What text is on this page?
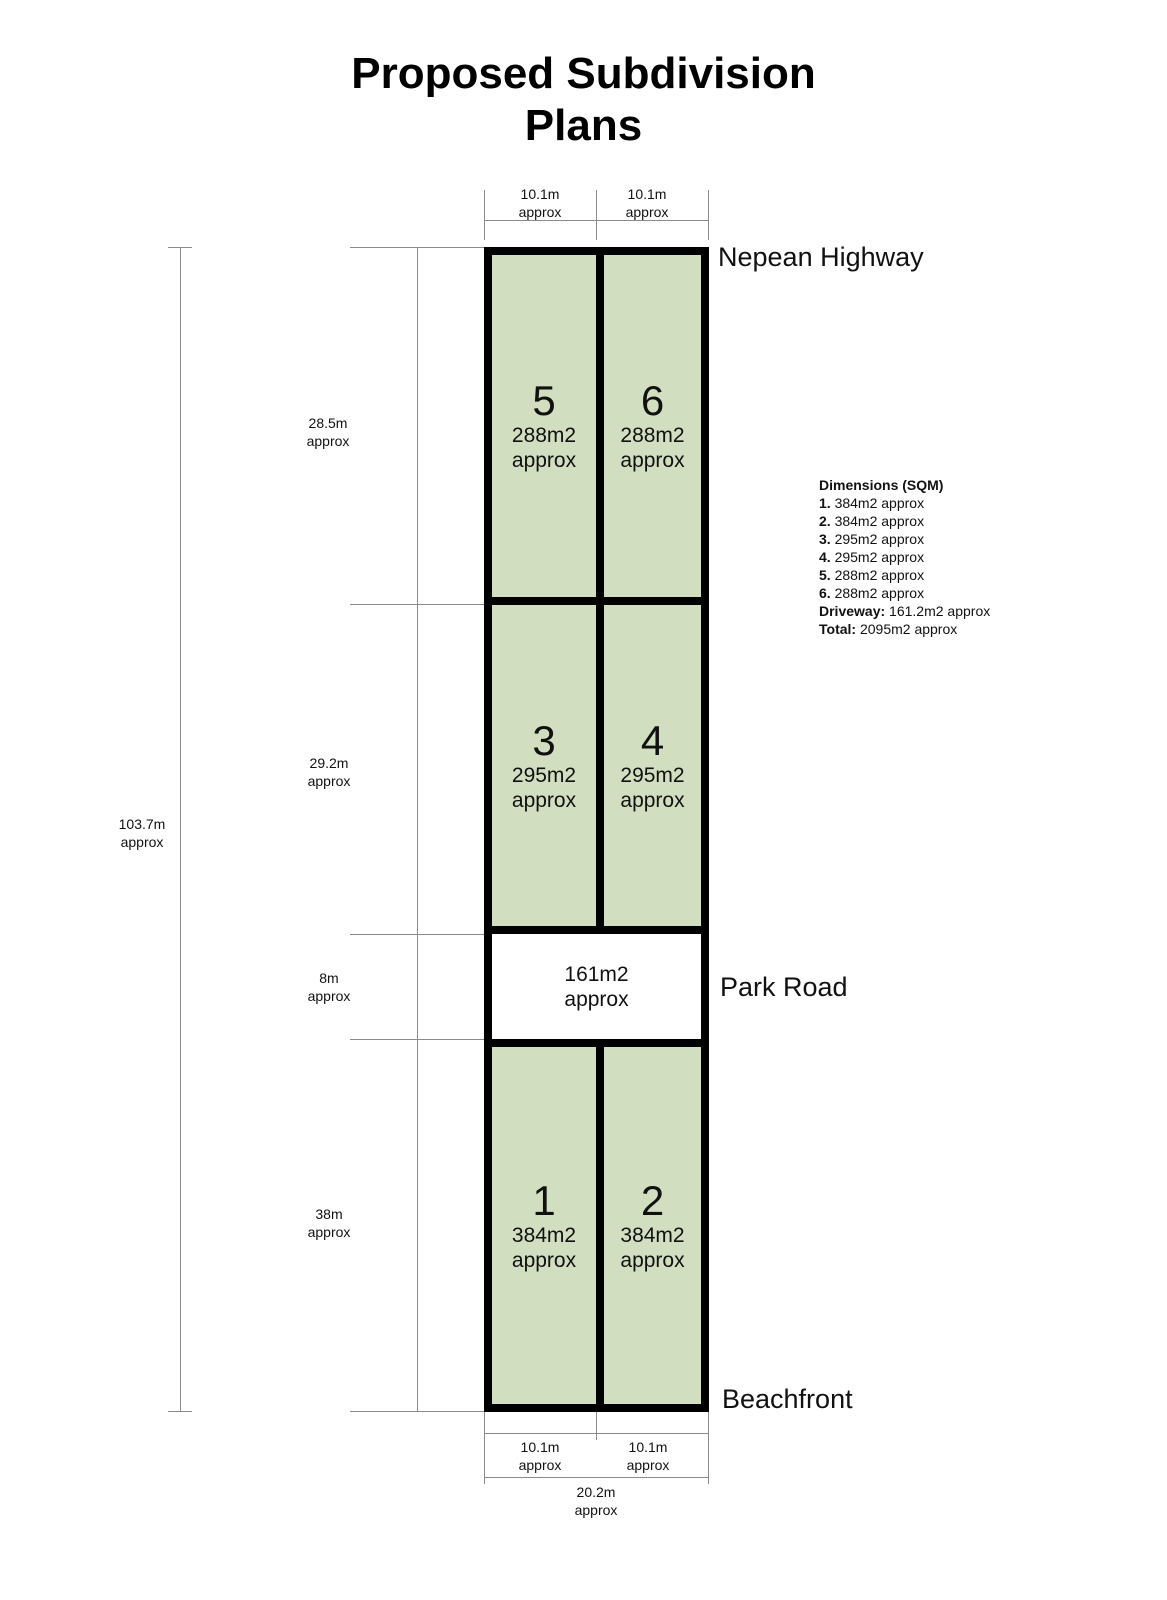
Proposed Subdivision
Plans
10.1m
approx
10.1m
approx
103.7m
approx
28.5m
approx
29.2m
approx
8m
approx
38m
approx
5
288m2
approx
6
288m2
approx
3
295m2
approx
4
295m2
approx
161m2
approx
1
384m2
approx
2
384m2
approx
Nepean Highway
Park Road
Beachfront
10.1m
approx
10.1m
approx
20.2m
approx
Dimensions (SQM)
1. 384m2 approx
2. 384m2 approx
3. 295m2 approx
4. 295m2 approx
5. 288m2 approx
6. 288m2 approx
Driveway: 161.2m2 approx
Total: 2095m2 approx
